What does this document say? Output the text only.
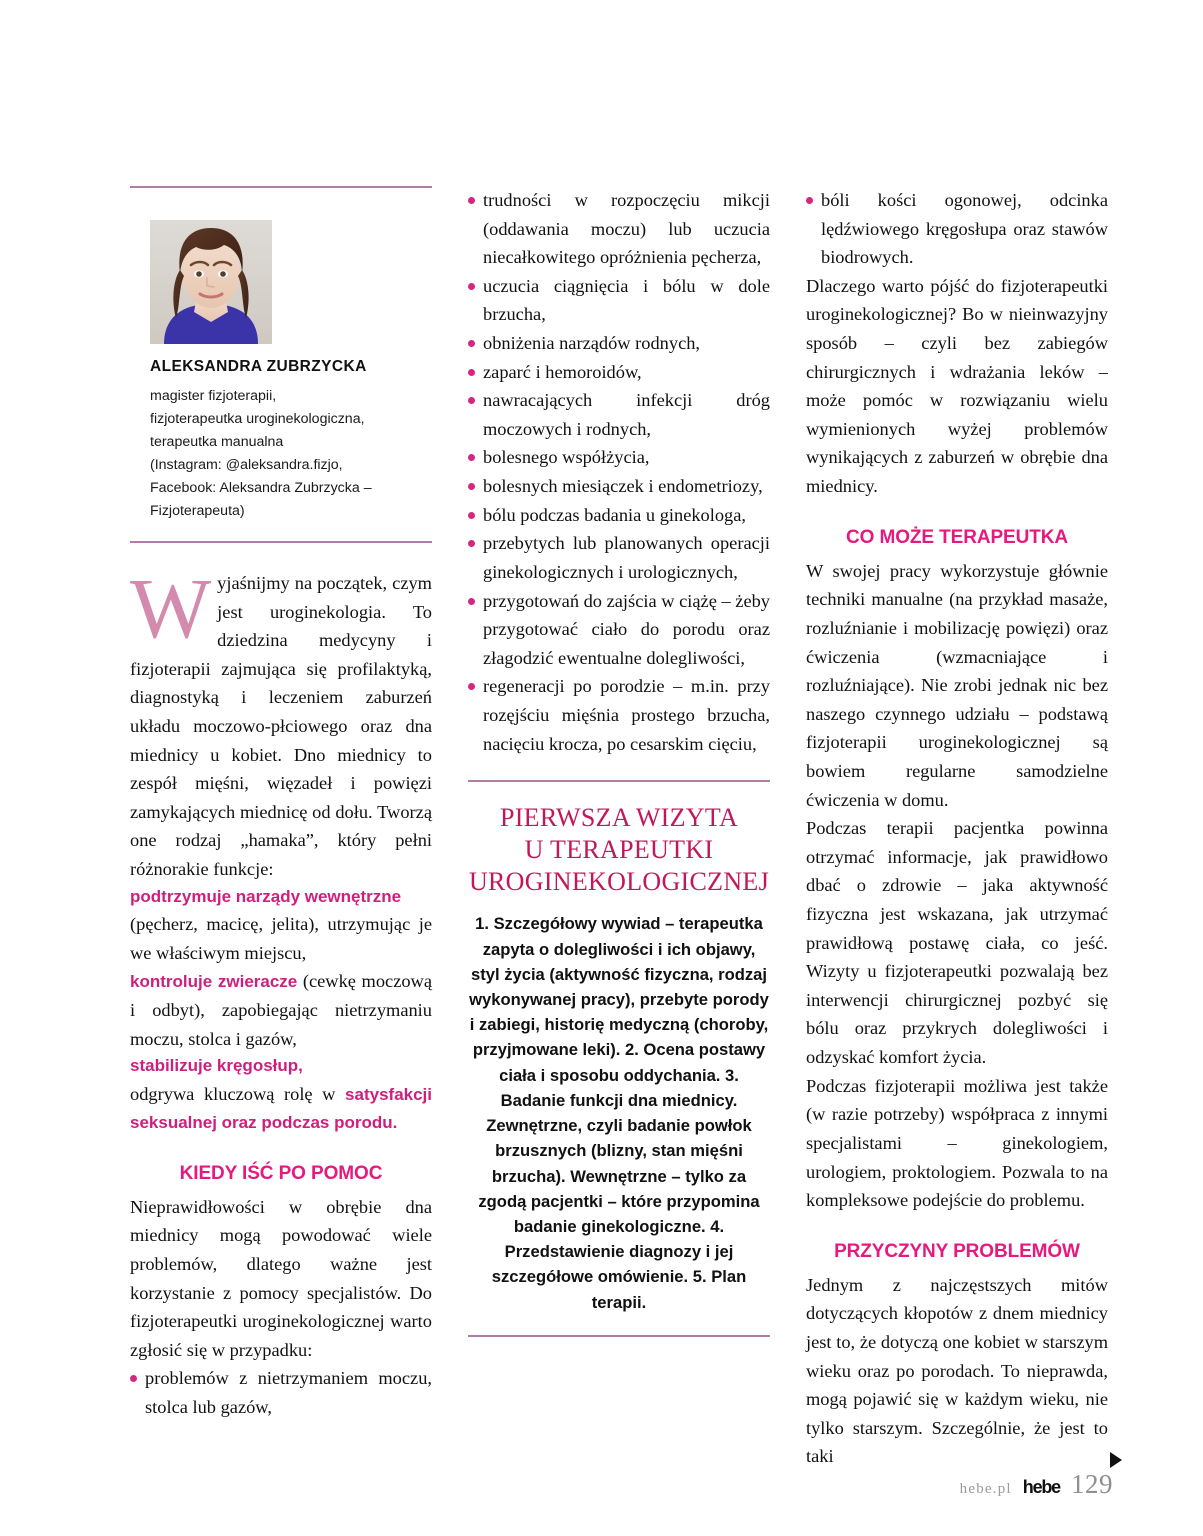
ALEKSANDRA ZUBRZYCKA
magister fizjoterapii,
fizjoterapeutka uroginekologiczna,
terapeutka manualna
(Instagram: @aleksandra.fizjo,
Facebook: Aleksandra Zubrzycka –
Fizjoterapeuta)

Wyjaśnijmy na początek, czym jest uroginekologia. To dziedzina medycyny i fizjoterapii zajmująca się profilaktyką, diagnostyką i leczeniem zaburzeń układu moczowo-płciowego oraz dna miednicy u kobiet. Dno miednicy to zespół mięśni, więzadeł i powięzi zamykających miednicę od dołu. Tworzą one rodzaj „hamaka”, który pełni różnorakie funkcje:

podtrzymuje narządy wewnętrzne
(pęcherz, macicę, jelita), utrzymując je we właściwym miejscu,

kontroluje zwieracze (cewkę moczową i odbyt), zapobiegając nietrzymaniu moczu, stolca i gazów,

stabilizuje kręgosłup,
odgrywa kluczową rolę w satysfakcji seksualnej oraz podczas porodu.

KIEDY IŚĆ PO POMOC

Nieprawidłowości w obrębie dna miednicy mogą powodować wiele problemów, dlatego ważne jest korzystanie z pomocy specjalistów. Do fizjoterapeutki uroginekologicznej warto zgłosić się w przypadku:

problemów z nietrzymaniem moczu, stolca lub gazów,
trudności w rozpoczęciu mikcji (oddawania moczu) lub uczucia niecałkowitego opróżnienia pęcherza,
uczucia ciągnięcia i bólu w dole brzucha,
obniżenia narządów rodnych,
zaparć i hemoroidów,
nawracających infekcji dróg moczowych i rodnych,
bolesnego współżycia,
bolesnych miesiączek i endometriozy,
bólu podczas badania u ginekologa,
przebytych lub planowanych operacji ginekologicznych i urologicznych,
przygotowań do zajścia w ciążę – żeby przygotować ciało do porodu oraz złagodzić ewentualne dolegliwości,
regeneracji po porodzie – m.in. przy rozęjściu mięśnia prostego brzucha, nacięciu krocza, po cesarskim cięciu,
PIERWSZA WIZYTA
U TERAPEUTKI
UROGINEKOLOGICZNEJ

1. Szczegółowy wywiad – terapeutka zapyta o dolegliwości i ich objawy, styl życia (aktywność fizyczna, rodzaj wykonywanej pracy), przebyte porody i zabiegi, historię medyczną (choroby, przyjmowane leki). 2. Ocena postawy ciała i sposobu oddychania. 3. Badanie funkcji dna miednicy. Zewnętrzne, czyli badanie powłok brzusznych (blizny, stan mięśni brzucha). Wewnętrzne – tylko za zgodą pacjentki – które przypomina badanie ginekologiczne. 4. Przedstawienie diagnozy i jej szczegółowe omówienie. 5. Plan terapii.

bóli kości ogonowej, odcinka lędźwiowego kręgosłupa oraz stawów biodrowych.

Dlaczego warto pójść do fizjoterapeutki uroginekologicznej? Bo w nieinwazyjny sposób – czyli bez zabiegów chirurgicznych i wdrażania leków – może pomóc w rozwiązaniu wielu wymienionych wyżej problemów wynikających z zaburzeń w obrębie dna miednicy.

CO MOŻE TERAPEUTKA

W swojej pracy wykorzystuje głównie techniki manualne (na przykład masaże, rozluźnianie i mobilizację powięzi) oraz ćwiczenia (wzmacniające i rozluźniające). Nie zrobi jednak nic bez naszego czynnego udziału – podstawą fizjoterapii uroginekologicznej są bowiem regularne samodzielne ćwiczenia w domu.

Podczas terapii pacjentka powinna otrzymać informacje, jak prawidłowo dbać o zdrowie – jaka aktywność fizyczna jest wskazana, jak utrzymać prawidłową postawę ciała, co jeść. Wizyty u fizjoterapeutki pozwalają bez interwencji chirurgicznej pozbyć się bólu oraz przykrych dolegliwości i odzyskać komfort życia.

Podczas fizjoterapii możliwa jest także (w razie potrzeby) współpraca z innymi specjalistami – ginekologiem, urologiem, proktologiem. Pozwala to na kompleksowe podejście do problemu.

PRZYCZYNY PROBLEMÓW

Jednym z najczęstszych mitów dotyczących kłopotów z dnem miednicy jest to, że dotyczą one kobiet w starszym wieku oraz po porodach. To nieprawda, mogą pojawić się w każdym wieku, nie tylko starszym. Szczególnie, że jest to taki

hebe.pl hebe 129
